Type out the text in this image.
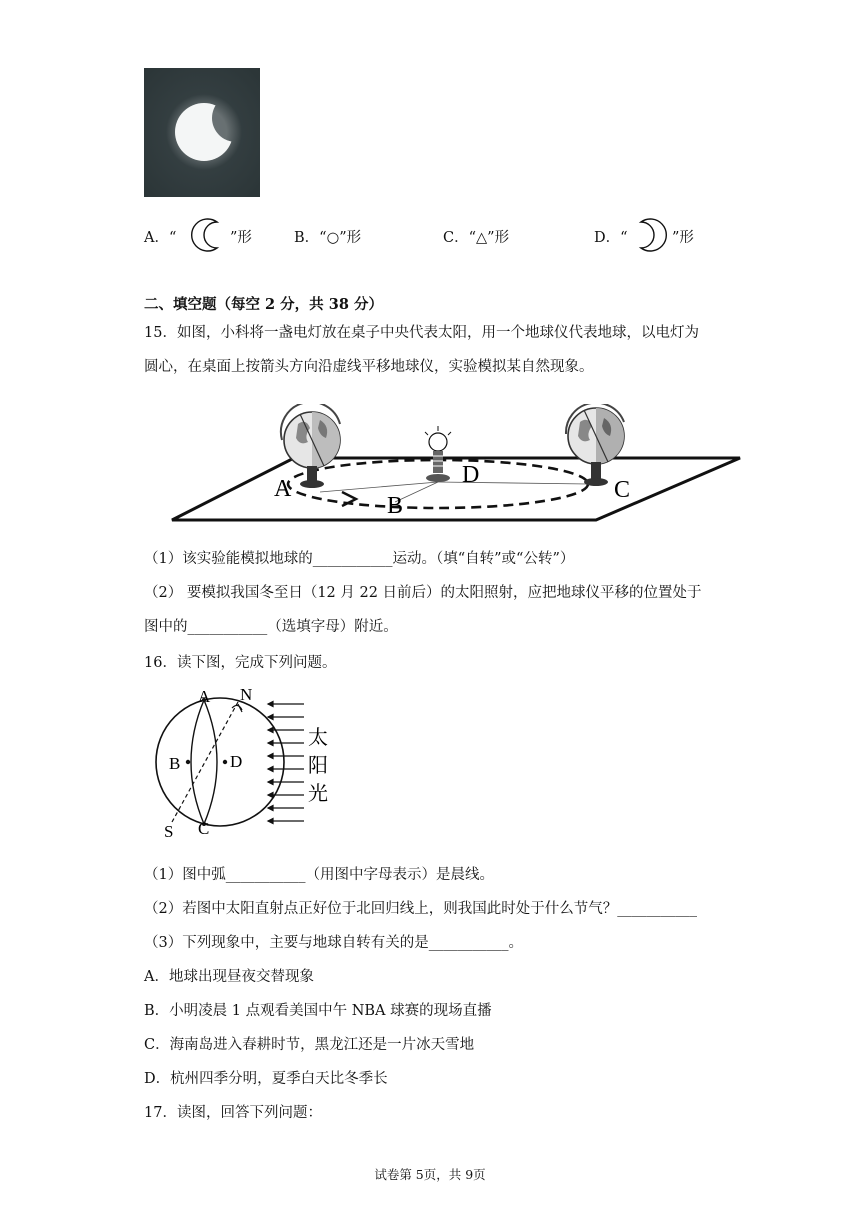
A．“	”形	B．“○”形	C．“△”形	D．“	”形
二、填空题（每空 2 分，共 38 分）
15．如图，小科将一盏电灯放在桌子中央代表太阳，用一个地球仪代表地球，以电灯为
圆心，在桌面上按箭头方向沿虚线平移地球仪，实验模拟某自然现象。
A
B
C
D
（1）该实验能模拟地球的___________运动。（填“自转”或“公转”）
（2） 要模拟我国冬至日（12 月 22 日前后）的太阳照射，应把地球仪平移的位置处于
图中的___________（选填字母）附近。
16．读下图，完成下列问题。
A N
B	D
S C
太
阳
光
（1）图中弧___________（用图中字母表示）是晨线。
（2）若图中太阳直射点正好位于北回归线上，则我国此时处于什么节气？___________
（3）下列现象中，主要与地球自转有关的是___________。
A．地球出现昼夜交替现象
B．小明凌晨 1 点观看美国中午 NBA 球赛的现场直播
C．海南岛进入春耕时节，黑龙江还是一片冰天雪地
D．杭州四季分明，夏季白天比冬季长
17．读图，回答下列问题：
试卷第 5页，共 9页
